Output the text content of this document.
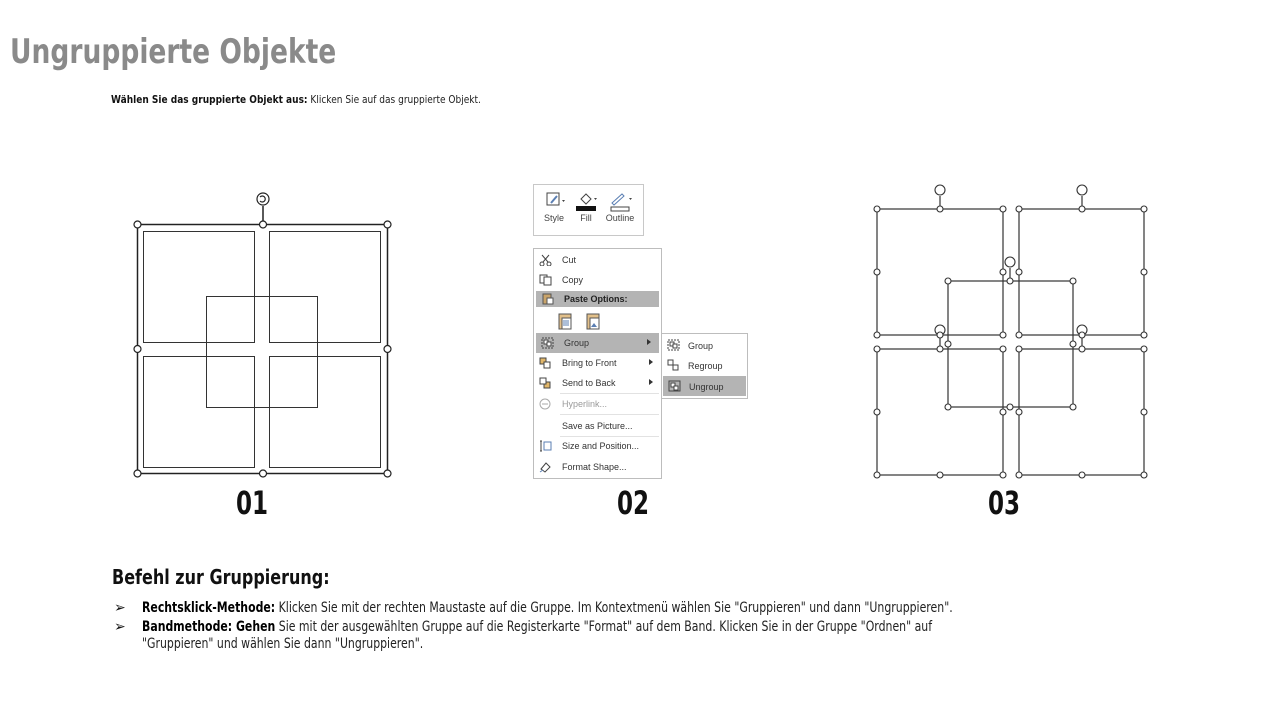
Ungruppierte Objekte
Wählen Sie das gruppierte Objekt aus: Klicken Sie auf das gruppierte Objekt.
Style	Fill	Outline
Cut
Copy
Paste Options:
Group
Bring to Front
Send to Back
Hyperlink...
Save as Picture...
Size and Position...
Format Shape...
Group
Regroup
Ungroup
01	02	03
Befehl zur Gruppierung:
➢ Rechtsklick-Methode: Klicken Sie mit der rechten Maustaste auf die Gruppe. Im Kontextmenü wählen Sie "Gruppieren" und dann "Ungruppieren".
➢ Bandmethode: Gehen Sie mit der ausgewählten Gruppe auf die Registerkarte "Format" auf dem Band. Klicken Sie in der Gruppe "Ordnen" auf
"Gruppieren" und wählen Sie dann "Ungruppieren".
